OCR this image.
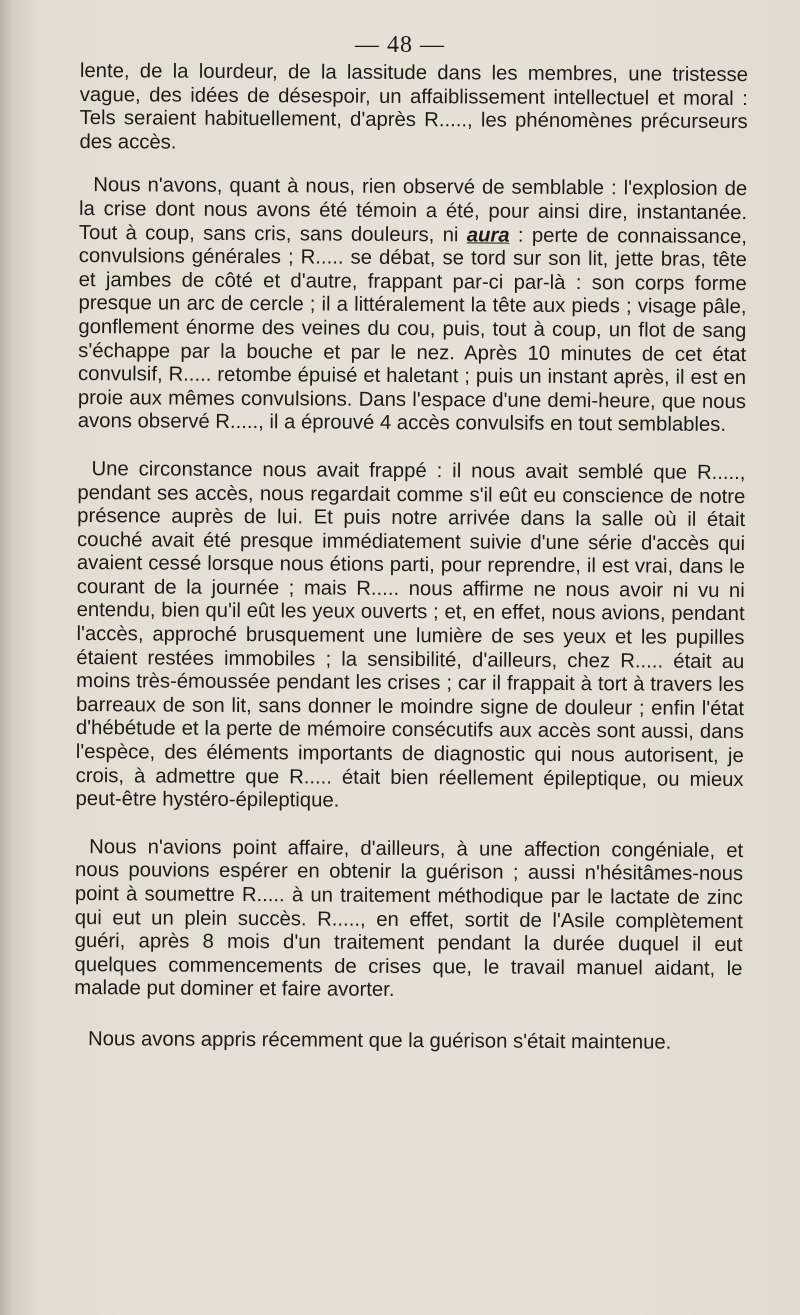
— 48 —

lente, de la lourdeur, de la lassitude dans les membres, une tristesse vague, des idées de désespoir, un affaiblissement intellectuel et moral : Tels seraient habituellement, d'après R....., les phénomènes précurseurs des accès.

Nous n'avons, quant à nous, rien observé de semblable : l'explosion de la crise dont nous avons été témoin a été, pour ainsi dire, instantanée. Tout à coup, sans cris, sans douleurs, ni aura : perte de connaissance, convulsions générales ; R..... se débat, se tord sur son lit, jette bras, tête et jambes de côté et d'autre, frappant par-ci par-là : son corps forme presque un arc de cercle ; il a littéralement la tête aux pieds ; visage pâle, gonflement énorme des veines du cou, puis, tout à coup, un flot de sang s'échappe par la bouche et par le nez. Après 10 minutes de cet état convulsif, R..... retombe épuisé et haletant ; puis un instant après, il est en proie aux mêmes convulsions. Dans l'espace d'une demi-heure, que nous avons observé R....., il a éprouvé 4 accès convulsifs en tout semblables.

Une circonstance nous avait frappé : il nous avait semblé que R....., pendant ses accès, nous regardait comme s'il eût eu conscience de notre présence auprès de lui. Et puis notre arrivée dans la salle où il était couché avait été presque immédiatement suivie d'une série d'accès qui avaient cessé lorsque nous étions parti, pour reprendre, il est vrai, dans le courant de la journée ; mais R..... nous affirme ne nous avoir ni vu ni entendu, bien qu'il eût les yeux ouverts ; et, en effet, nous avions, pendant l'accès, approché brusquement une lumière de ses yeux et les pupilles étaient restées immobiles ; la sensibilité, d'ailleurs, chez R..... était au moins très-émoussée pendant les crises ; car il frappait à tort à travers les barreaux de son lit, sans donner le moindre signe de douleur ; enfin l'état d'hébétude et la perte de mémoire consécutifs aux accès sont aussi, dans l'espèce, des éléments importants de diagnostic qui nous autorisent, je crois, à admettre que R..... était bien réellement épileptique, ou mieux peut-être hystéro-épileptique.

Nous n'avions point affaire, d'ailleurs, à une affection congéniale, et nous pouvions espérer en obtenir la guérison ; aussi n'hésitâmes-nous point à soumettre R..... à un traitement méthodique par le lactate de zinc qui eut un plein succès. R....., en effet, sortit de l'Asile complètement guéri, après 8 mois d'un traitement pendant la durée duquel il eut quelques commencements de crises que, le travail manuel aidant, le malade put dominer et faire avorter.

Nous avons appris récemment que la guérison s'était maintenue.
